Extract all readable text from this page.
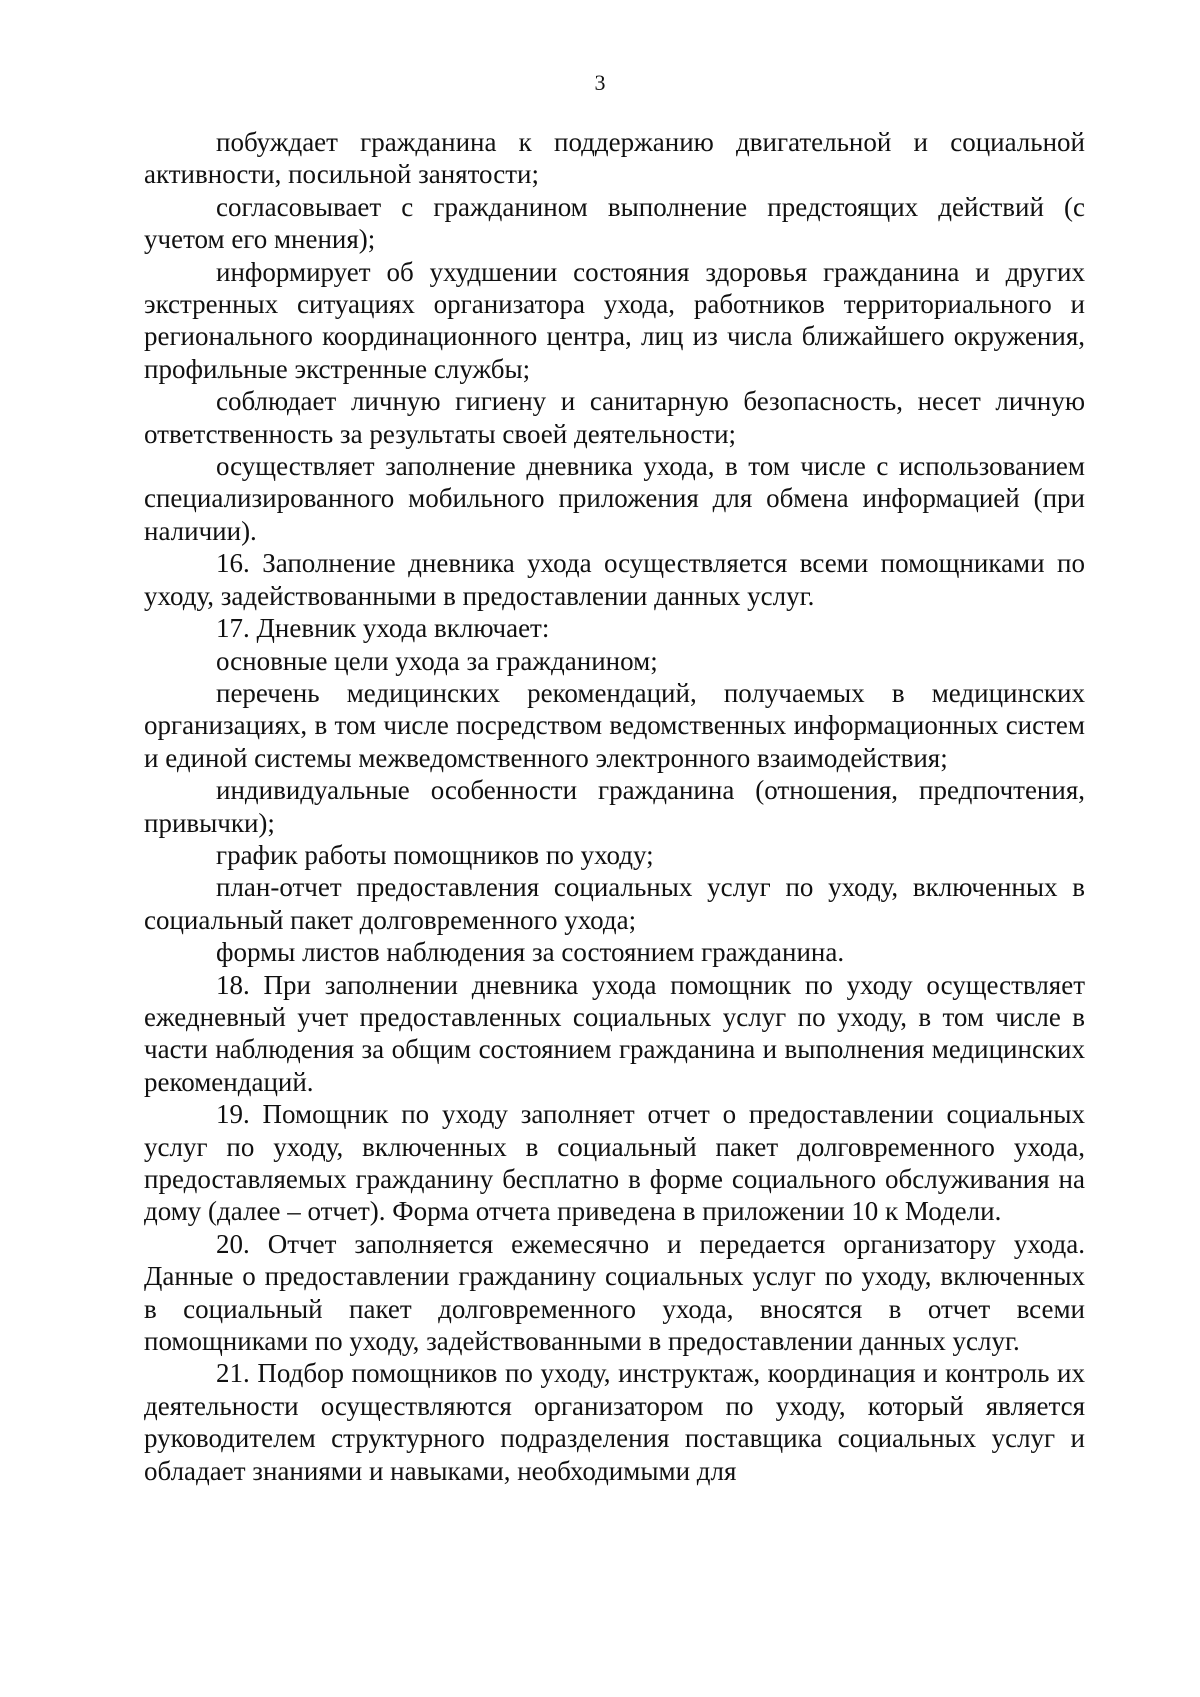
3

побуждает гражданина к поддержанию двигательной и социальной активности, посильной занятости;

согласовывает с гражданином выполнение предстоящих действий (с учетом его мнения);

информирует об ухудшении состояния здоровья гражданина и других экстренных ситуациях организатора ухода, работников территориального и регионального координационного центра, лиц из числа ближайшего окружения, профильные экстренные службы;

соблюдает личную гигиену и санитарную безопасность, несет личную ответственность за результаты своей деятельности;

осуществляет заполнение дневника ухода, в том числе с использованием специализированного мобильного приложения для обмена информацией (при наличии).

16. Заполнение дневника ухода осуществляется всеми помощниками по уходу, задействованными в предоставлении данных услуг.

17. Дневник ухода включает:

основные цели ухода за гражданином;

перечень медицинских рекомендаций, получаемых в медицинских организациях, в том числе посредством ведомственных информационных систем и единой системы межведомственного электронного взаимодействия;

индивидуальные особенности гражданина (отношения, предпочтения, привычки);

график работы помощников по уходу;

план-отчет предоставления социальных услуг по уходу, включенных в социальный пакет долговременного ухода;

формы листов наблюдения за состоянием гражданина.

18. При заполнении дневника ухода помощник по уходу осуществляет ежедневный учет предоставленных социальных услуг по уходу, в том числе в части наблюдения за общим состоянием гражданина и выполнения медицинских рекомендаций.

19. Помощник по уходу заполняет отчет о предоставлении социальных услуг по уходу, включенных в социальный пакет долговременного ухода, предоставляемых гражданину бесплатно в форме социального обслуживания на дому (далее – отчет). Форма отчета приведена в приложении 10 к Модели.

20. Отчет заполняется ежемесячно и передается организатору ухода. Данные о предоставлении гражданину социальных услуг по уходу, включенных в социальный пакет долговременного ухода, вносятся в отчет всеми помощниками по уходу, задействованными в предоставлении данных услуг.

21. Подбор помощников по уходу, инструктаж, координация и контроль их деятельности осуществляются организатором по уходу, который является руководителем структурного подразделения поставщика социальных услуг и обладает знаниями и навыками, необходимыми для
